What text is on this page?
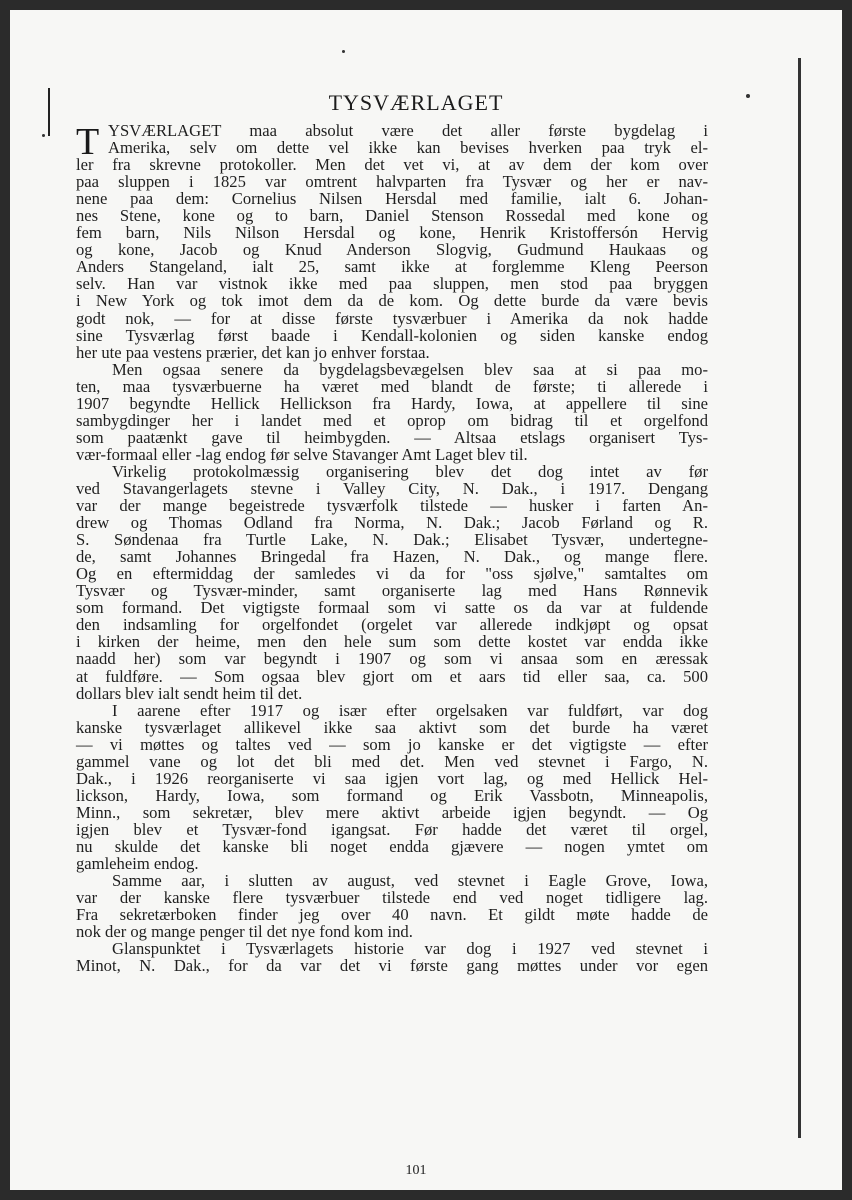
TYSVÆRLAGET
T YSVÆRLAGET maa absolut være det aller første bygdelag i
Amerika, selv om dette vel ikke kan bevises hverken paa tryk el-
ler fra skrevne protokoller. Men det vet vi, at av dem der kom over
paa sluppen i 1825 var omtrent halvparten fra Tysvær og her er nav-
nene paa dem: Cornelius Nilsen Hersdal med familie, ialt 6. Johan-
nes Stene, kone og to barn, Daniel Stenson Rossedal med kone og
fem barn, Nils Nilson Hersdal og kone, Henrik Kristoffersón Hervig
og kone, Jacob og Knud Anderson Slogvig, Gudmund Haukaas og
Anders Stangeland, ialt 25, samt ikke at forglemme Kleng Peerson
selv. Han var vistnok ikke med paa sluppen, men stod paa bryggen
i New York og tok imot dem da de kom. Og dette burde da være bevis
godt nok, — for at disse første tysværbuer i Amerika da nok hadde
sine Tysværlag først baade i Kendall-kolonien og siden kanske endog
her ute paa vestens prærier, det kan jo enhver forstaa.
Men ogsaa senere da bygdelagsbevægelsen blev saa at si paa mo-
ten, maa tysværbuerne ha været med blandt de første; ti allerede i
1907 begyndte Hellick Hellickson fra Hardy, Iowa, at appellere til sine
sambygdinger her i landet med et oprop om bidrag til et orgelfond
som paatænkt gave til heimbygden. — Altsaa etslags organisert Tys-
vær-formaal eller -lag endog før selve Stavanger Amt Laget blev til.
Virkelig protokolmæssig organisering blev det dog intet av før
ved Stavangerlagets stevne i Valley City, N. Dak., i 1917. Dengang
var der mange begeistrede tysværfolk tilstede — husker i farten An-
drew og Thomas Odland fra Norma, N. Dak.; Jacob Førland og R.
S. Søndenaa fra Turtle Lake, N. Dak.; Elisabet Tysvær, undertegne-
de, samt Johannes Bringedal fra Hazen, N. Dak., og mange flere.
Og en eftermiddag der samledes vi da for "oss sjølve," samtaltes om
Tysvær og Tysvær-minder, samt organiserte lag med Hans Rønnevik
som formand. Det vigtigste formaal som vi satte os da var at fuldende
den indsamling for orgelfondet (orgelet var allerede indkjøpt og opsat
i kirken der heime, men den hele sum som dette kostet var endda ikke
naadd her) som var begyndt i 1907 og som vi ansaa som en æressak
at fuldføre. — Som ogsaa blev gjort om et aars tid eller saa, ca. 500
dollars blev ialt sendt heim til det.
I aarene efter 1917 og især efter orgelsaken var fuldført, var dog
kanske tysværlaget allikevel ikke saa aktivt som det burde ha været
— vi møttes og taltes ved — som jo kanske er det vigtigste — efter
gammel vane og lot det bli med det. Men ved stevnet i Fargo, N.
Dak., i 1926 reorganiserte vi saa igjen vort lag, og med Hellick Hel-
lickson, Hardy, Iowa, som formand og Erik Vassbotn, Minneapolis,
Minn., som sekretær, blev mere aktivt arbeide igjen begyndt. — Og
igjen blev et Tysvær-fond igangsat. Før hadde det været til orgel,
nu skulde det kanske bli noget endda gjævere — nogen ymtet om
gamleheim endog.
Samme aar, i slutten av august, ved stevnet i Eagle Grove, Iowa,
var der kanske flere tysværbuer tilstede end ved noget tidligere lag.
Fra sekretærboken finder jeg over 40 navn. Et gildt møte hadde de
nok der og mange penger til det nye fond kom ind.
Glanspunktet i Tysværlagets historie var dog i 1927 ved stevnet i
Minot, N. Dak., for da var det vi første gang møttes under vor egen
101
